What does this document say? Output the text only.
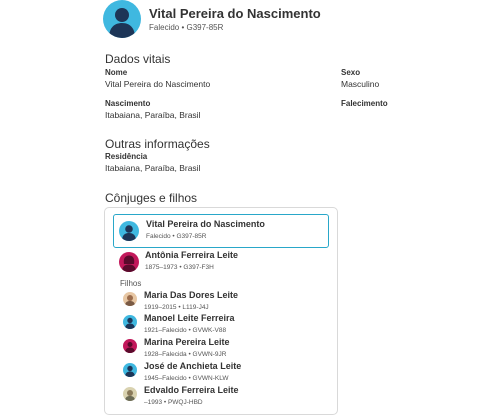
Vital Pereira do Nascimento
Falecido • G397-85R
Dados vitais
Nome
Vital Pereira do Nascimento
Sexo
Masculino
Nascimento
Itabaiana, Paraíba, Brasil
Falecimento
Outras informações
Residência
Itabaiana, Paraíba, Brasil
Cônjuges e filhos
Vital Pereira do Nascimento
Falecido • G397-85R
Antônia Ferreira Leite
1875–1973 • G397-F3H
Filhos
Maria Das Dores Leite
1919–2015 • L119-J4J
Manoel Leite Ferreira
1921–Falecido • GVWK-V88
Marina Pereira Leite
1928–Falecida • GVWN-9JR
José de Anchieta Leite
1945–Falecido • GVWN-KLW
Edvaldo Ferreira Leite
–1993 • PWQJ-HBD
